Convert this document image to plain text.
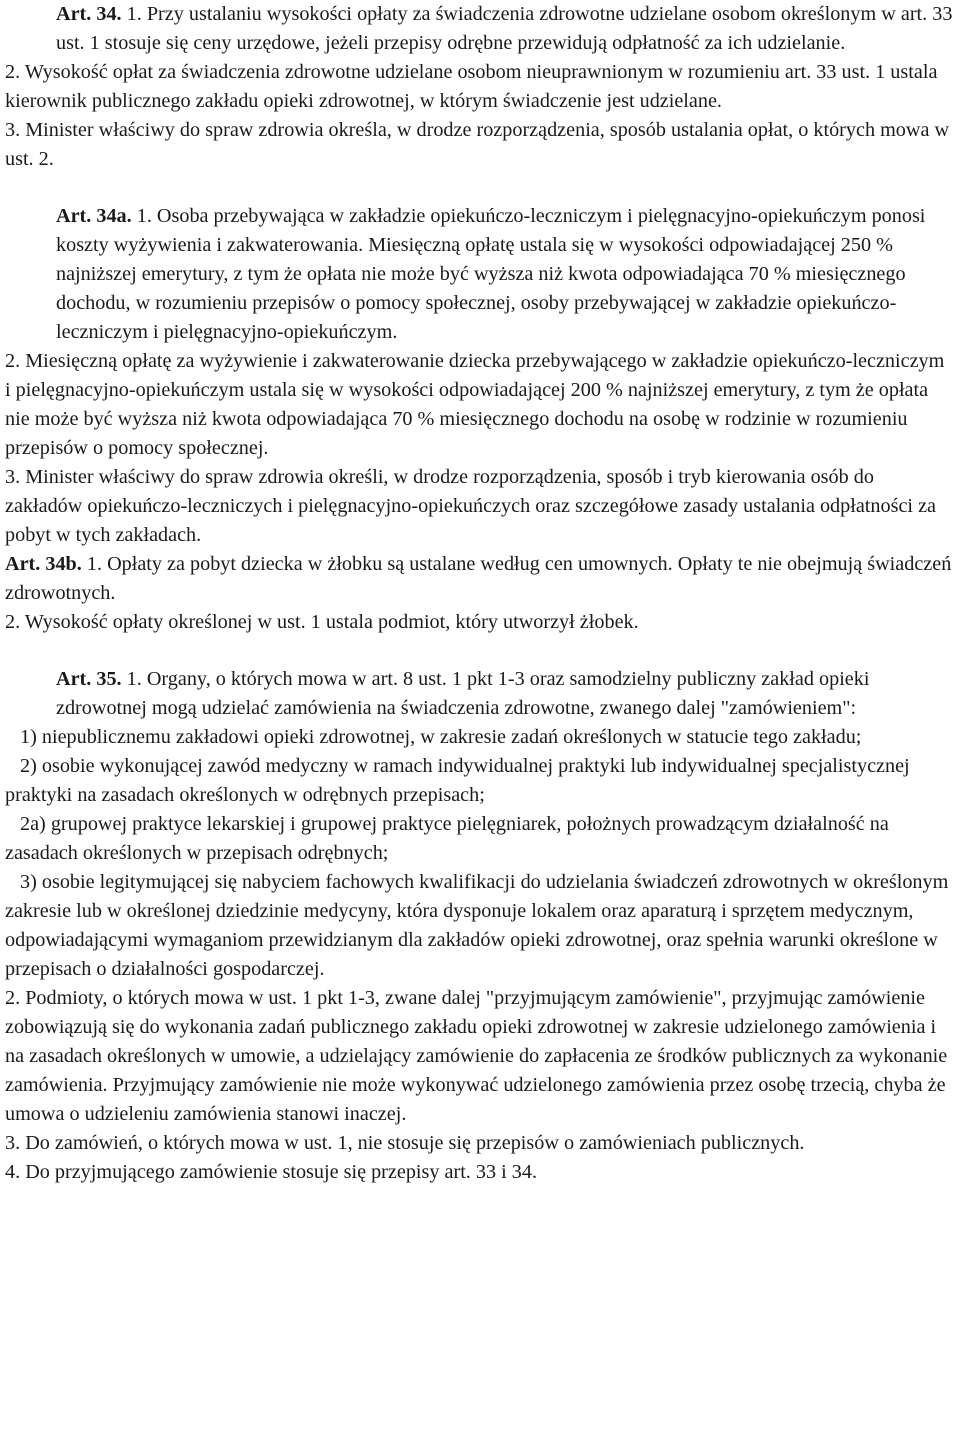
Art. 34. 1. Przy ustalaniu wysokości opłaty za świadczenia zdrowotne udzielane osobom określonym w art. 33 ust. 1 stosuje się ceny urzędowe, jeżeli przepisy odrębne przewidują odpłatność za ich udzielanie.

2. Wysokość opłat za świadczenia zdrowotne udzielane osobom nieuprawnionym w rozumieniu art. 33 ust. 1 ustala kierownik publicznego zakładu opieki zdrowotnej, w którym świadczenie jest udzielane.

3. Minister właściwy do spraw zdrowia określa, w drodze rozporządzenia, sposób ustalania opłat, o których mowa w ust. 2.

Art. 34a. 1. Osoba przebywająca w zakładzie opiekuńczo-leczniczym i pielęgnacyjno-opiekuńczym ponosi koszty wyżywienia i zakwaterowania. Miesięczną opłatę ustala się w wysokości odpowiadającej 250 % najniższej emerytury, z tym że opłata nie może być wyższa niż kwota odpowiadająca 70 % miesięcznego dochodu, w rozumieniu przepisów o pomocy społecznej, osoby przebywającej w zakładzie opiekuńczo-leczniczym i pielęgnacyjno-opiekuńczym.

2. Miesięczną opłatę za wyżywienie i zakwaterowanie dziecka przebywającego w zakładzie opiekuńczo-leczniczym i pielęgnacyjno-opiekuńczym ustala się w wysokości odpowiadającej 200 % najniższej emerytury, z tym że opłata nie może być wyższa niż kwota odpowiadająca 70 % miesięcznego dochodu na osobę w rodzinie w rozumieniu przepisów o pomocy społecznej.

3. Minister właściwy do spraw zdrowia określi, w drodze rozporządzenia, sposób i tryb kierowania osób do zakładów opiekuńczo-leczniczych i pielęgnacyjno-opiekuńczych oraz szczegółowe zasady ustalania odpłatności za pobyt w tych zakładach.

Art. 34b. 1. Opłaty za pobyt dziecka w żłobku są ustalane według cen umownych. Opłaty te nie obejmują świadczeń zdrowotnych.

2. Wysokość opłaty określonej w ust. 1 ustala podmiot, który utworzył żłobek.

Art. 35. 1. Organy, o których mowa w art. 8 ust. 1 pkt 1-3 oraz samodzielny publiczny zakład opieki zdrowotnej mogą udzielać zamówienia na świadczenia zdrowotne, zwanego dalej "zamówieniem":

1) niepublicznemu zakładowi opieki zdrowotnej, w zakresie zadań określonych w statucie tego zakładu;

2) osobie wykonującej zawód medyczny w ramach indywidualnej praktyki lub indywidualnej specjalistycznej praktyki na zasadach określonych w odrębnych przepisach;

2a) grupowej praktyce lekarskiej i grupowej praktyce pielęgniarek, położnych prowadzącym działalność na zasadach określonych w przepisach odrębnych;

3) osobie legitymującej się nabyciem fachowych kwalifikacji do udzielania świadczeń zdrowotnych w określonym zakresie lub w określonej dziedzinie medycyny, która dysponuje lokalem oraz aparaturą i sprzętem medycznym, odpowiadającymi wymaganiom przewidzianym dla zakładów opieki zdrowotnej, oraz spełnia warunki określone w przepisach o działalności gospodarczej.

2. Podmioty, o których mowa w ust. 1 pkt 1-3, zwane dalej "przyjmującym zamówienie", przyjmując zamówienie zobowiązują się do wykonania zadań publicznego zakładu opieki zdrowotnej w zakresie udzielonego zamówienia i na zasadach określonych w umowie, a udzielający zamówienie do zapłacenia ze środków publicznych za wykonanie zamówienia. Przyjmujący zamówienie nie może wykonywać udzielonego zamówienia przez osobę trzecią, chyba że umowa o udzieleniu zamówienia stanowi inaczej.

3. Do zamówień, o których mowa w ust. 1, nie stosuje się przepisów o zamówieniach publicznych.

4. Do przyjmującego zamówienie stosuje się przepisy art. 33 i 34.
